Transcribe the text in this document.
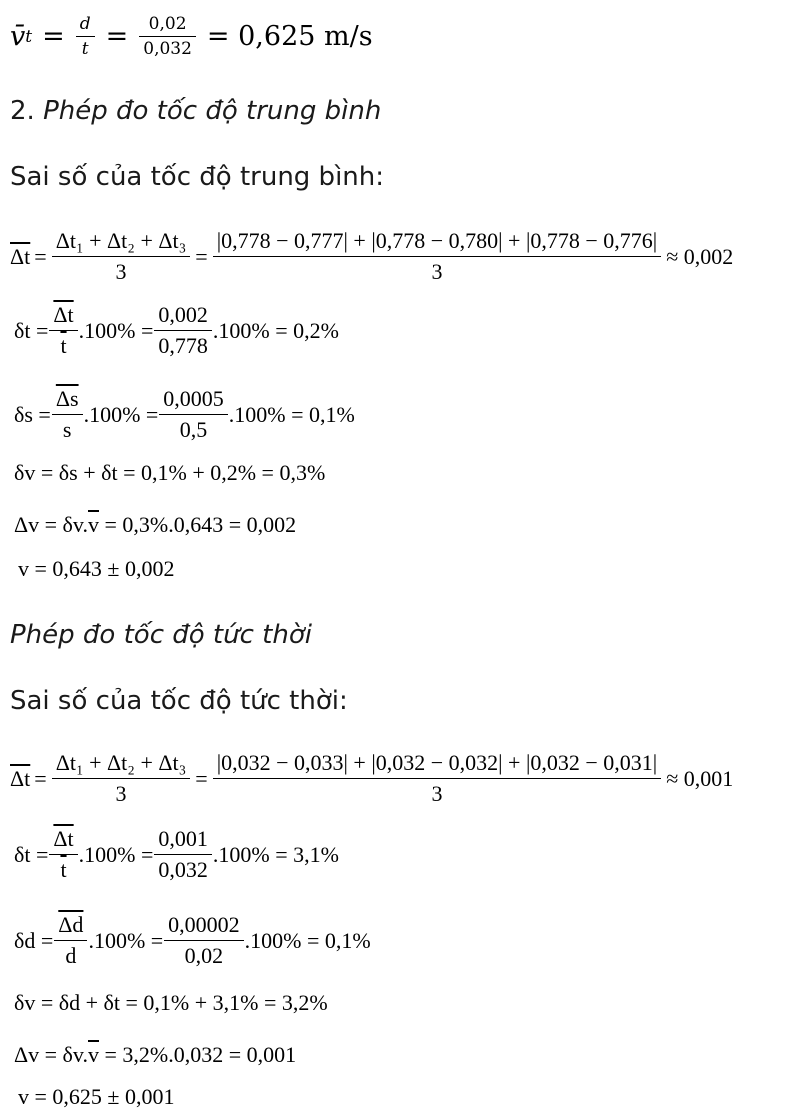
v̄ $t = \frac{d}{t} = \frac{0,02}{0,032} = 0,625$ m/s
2. Phép đo tốc độ trung bình
Sai số của tốc độ trung bình:
$\overline{\Delta t} = \frac{\text{Δt₁ + Δt₂ + Δt₃}}{3} = \frac{|0,778 - 0,777| + |0,778 - 0,780| + |0,778 - 0,776|}{3} \approx 0,002$
$\delta t = \frac{\overline{\Delta t}}{t} .100\% = \frac{0,002}{0,778} .100\% = 0,2\%$
$\delta s = \frac{\overline{\Delta s}}{s} .100\% = \frac{0,0005}{0,5} .100\% = 0,1\%$
δv = δs + δt = 0,1% + 0,2% = 0,3%
Δv = δv. $\overline{v} = 0,3\%.0,643 = 0,002$
v = 0,643 ± 0,002
Phép đo tốc độ tức thời
Sai số của tốc độ tức thời:
$\overline{\Delta t} = \frac{\text{Δt₁ + Δt₂ + Δt₃}}{3} = \frac{|0,032 - 0,033| + |0,032 - 0,032| + |0,032 - 0,031|}{3} \approx 0,001$
$\delta t = \frac{\overline{\Delta t}}{t} .100\% = \frac{0,001}{0,032} .100\% = 3,1\%$
$\delta d = \frac{\overline{\Delta d}}{d} .100\% = \frac{0,00002}{0,02} .100\% = 0,1\%$
δv = δd + δt = 0,1% + 3,1% = 3,2%
Δv = δv. $\overline{v} = 3,2\%.0,032 = 0,001$
v = 0,625 ± 0,001
